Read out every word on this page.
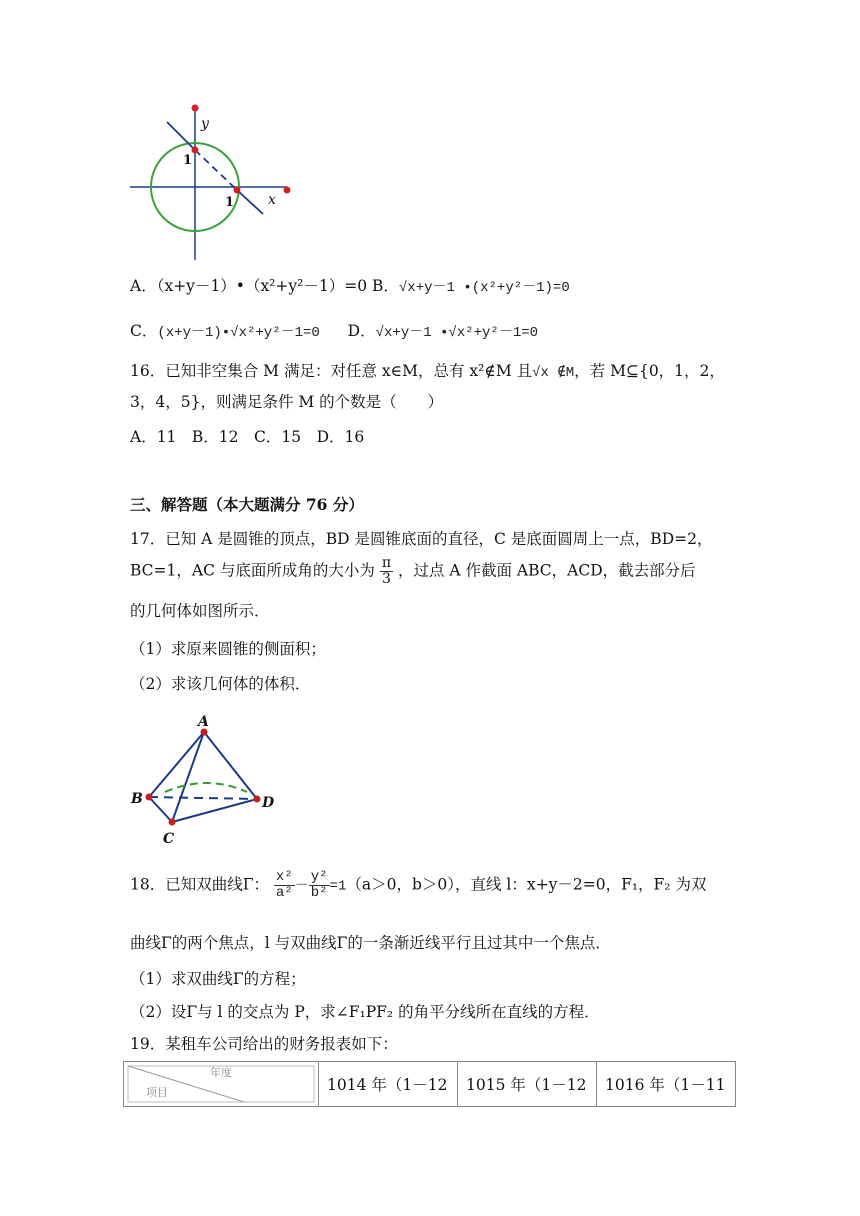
y
x
1
1
A．（x+y－1）•（x²+y²－1）=0 B．√x+y－1 •(x²+y²－1)=0
C．(x+y－1)•√x²+y²－1=0 D．√x+y－1 •√x²+y²－1=0
16．已知非空集合 M 满足：对任意 x∈M，总有 x²∉M 且√x ∉M，若 M⊆{0，1，2，
3，4，5}，则满足条件 M 的个数是（　　）
A．11　B．12　C．15　D．16
三、解答题（本大题满分 76 分）
17．已知 A 是圆锥的顶点，BD 是圆锥底面的直径，C 是底面圆周上一点，BD=2，
BC=1，AC 与底面所成角的大小为 $\frac{\pi}{3}$ ，过点 A 作截面 ABC，ACD，截去部分后
的几何体如图所示．
（1）求原来圆锥的侧面积；
（2）求该几何体的体积．
A
B
C
D
18．已知双曲线Γ： $\frac{\text{x²}}{\text{a²}} - \frac{\text{y²}}{\text{b²}} =1(a>0$，b＞0），直线 l：x+y－2=0，F₁，F₂ 为双
曲线Γ的两个焦点，l 与双曲线Γ的一条渐近线平行且过其中一个焦点．
（1）求双曲线Γ的方程；
（2）设Γ与 l 的交点为 P，求∠F₁PF₂ 的角平分线所在直线的方程．
19．某租车公司给出的财务报表如下：
年度
项目	1014 年（1－12	1015 年（1－12	1016 年（1－11
